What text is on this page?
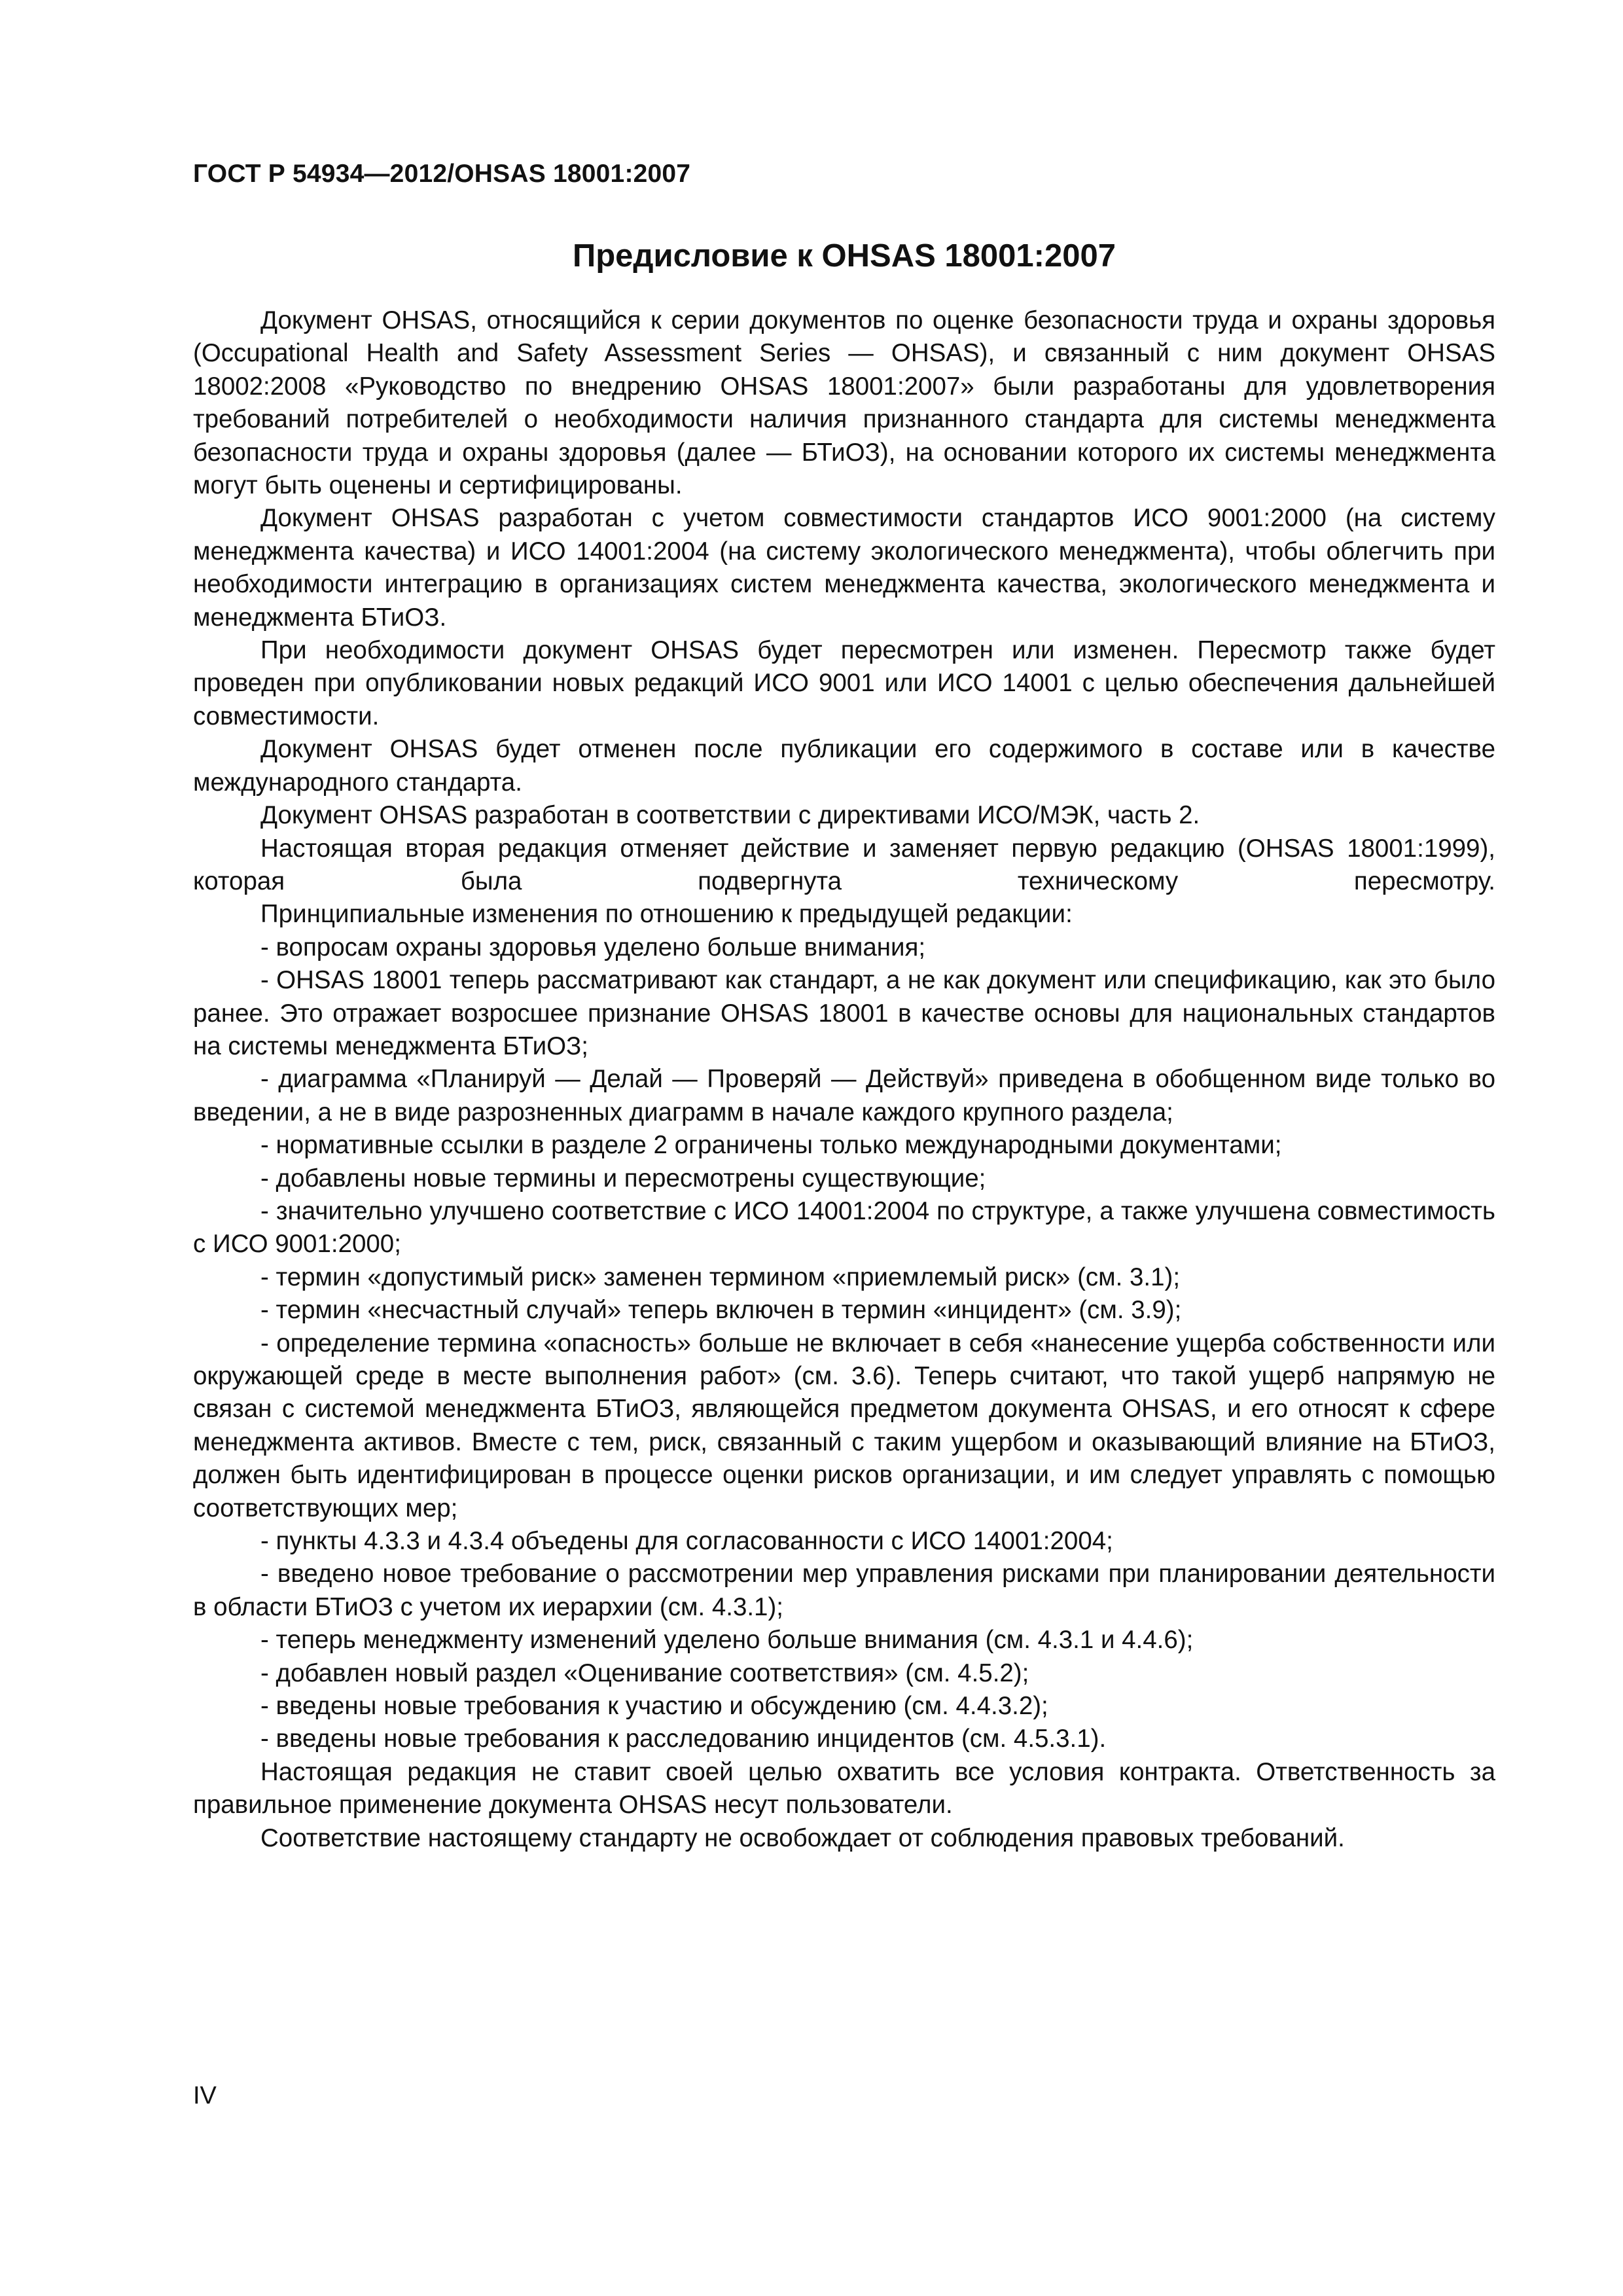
ГОСТ Р 54934—2012/OHSAS 18001:2007
Предисловие к OHSAS 18001:2007

Документ OHSAS, относящийся к серии документов по оценке безопасности труда и охраны здоровья (Occupational Health and Safety Assessment Series — OHSAS), и связанный с ним документ OHSAS 18002:2008 «Руководство по внедрению OHSAS 18001:2007» были разработаны для удовлетворения требований потребителей о необходимости наличия признанного стандарта для системы менеджмента безопасности труда и охраны здоровья (далее — БТиОЗ), на основании которого их системы менеджмента могут быть оценены и сертифицированы.

Документ OHSAS разработан с учетом совместимости стандартов ИСО 9001:2000 (на систему менеджмента качества) и ИСО 14001:2004 (на систему экологического менеджмента), чтобы облегчить при необходимости интеграцию в организациях систем менеджмента качества, экологического менеджмента и менеджмента БТиОЗ.

При необходимости документ OHSAS будет пересмотрен или изменен. Пересмотр также будет проведен при опубликовании новых редакций ИСО 9001 или ИСО 14001 с целью обеспечения дальнейшей совместимости.

Документ OHSAS будет отменен после публикации его содержимого в составе или в качестве международного стандарта.

Документ OHSAS разработан в соответствии с директивами ИСО/МЭК, часть 2.

Настоящая вторая редакция отменяет действие и заменяет первую редакцию (OHSAS 18001:1999), которая была подвергнута техническому пересмотру.

Принципиальные изменения по отношению к предыдущей редакции:

- вопросам охраны здоровья уделено больше внимания;

- OHSAS 18001 теперь рассматривают как стандарт, а не как документ или спецификацию, как это было ранее. Это отражает возросшее признание OHSAS 18001 в качестве основы для национальных стандартов на системы менеджмента БТиОЗ;

- диаграмма «Планируй — Делай — Проверяй — Действуй» приведена в обобщенном виде только во введении, а не в виде разрозненных диаграмм в начале каждого крупного раздела;

- нормативные ссылки в разделе 2 ограничены только международными документами;

- добавлены новые термины и пересмотрены существующие;

- значительно улучшено соответствие с ИСО 14001:2004 по структуре, а также улучшена совместимость с ИСО 9001:2000;

- термин «допустимый риск» заменен термином «приемлемый риск» (см. 3.1);

- термин «несчастный случай» теперь включен в термин «инцидент» (см. 3.9);

- определение термина «опасность» больше не включает в себя «нанесение ущерба собственности или окружающей среде в месте выполнения работ» (см. 3.6). Теперь считают, что такой ущерб напрямую не связан с системой менеджмента БТиОЗ, являющейся предметом документа OHSAS, и его относят к сфере менеджмента активов. Вместе с тем, риск, связанный с таким ущербом и оказывающий влияние на БТиОЗ, должен быть идентифицирован в процессе оценки рисков организации, и им следует управлять с помощью соответствующих мер;

- пункты 4.3.3 и 4.3.4 объедены для согласованности с ИСО 14001:2004;

- введено новое требование о рассмотрении мер управления рисками при планировании деятельности в области БТиОЗ с учетом их иерархии (см. 4.3.1);

- теперь менеджменту изменений уделено больше внимания (см. 4.3.1 и 4.4.6);

- добавлен новый раздел «Оценивание соответствия» (см. 4.5.2);

- введены новые требования к участию и обсуждению (см. 4.4.3.2);

- введены новые требования к расследованию инцидентов (см. 4.5.3.1).

Настоящая редакция не ставит своей целью охватить все условия контракта. Ответственность за правильное применение документа OHSAS несут пользователи.

Соответствие настоящему стандарту не освобождает от соблюдения правовых требований.

IV
